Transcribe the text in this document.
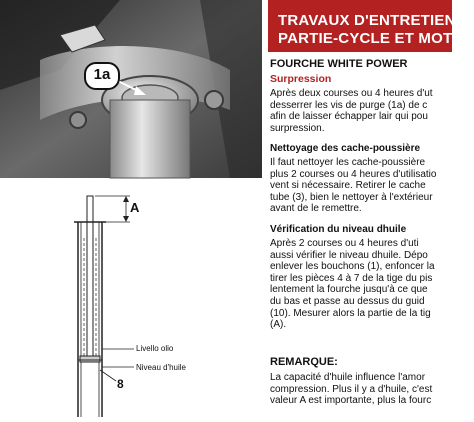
1a
A
Livello olio
Niveau d'huile
8
TRAVAUX D'ENTRETIEN,
PARTIE-CYCLE ET MOTEU
FOURCHE WHITE POWER
Surpression
Après deux courses ou 4 heures d'ut
desserrer les vis de purge (1a) de c
afin de laisser échapper lair qui pou
surpression.
Nettoyage des cache-poussière
Il faut nettoyer les cache-poussière
plus 2 courses ou 4 heures d'utilisatio
vent si nécessaire. Retirer le cache
tube (3), bien le nettoyer à l'extérieur
avant de le remettre.
Vérification du niveau dhuile
Après 2 courses ou 4 heures d'uti
aussi vérifier le niveau dhuile. Dépo
enlever les bouchons (1), enfoncer la
tirer les pièces 4 à 7 de la tige du pis
lentement la fourche jusqu'à ce que
du bas et passe au dessus du guid
(10). Mesurer alors la partie de la tig
(A).
REMARQUE:
La capacité d'huile influence l'amor
compression. Plus il y a d'huile, c'est
valeur A est importante, plus la fourc
